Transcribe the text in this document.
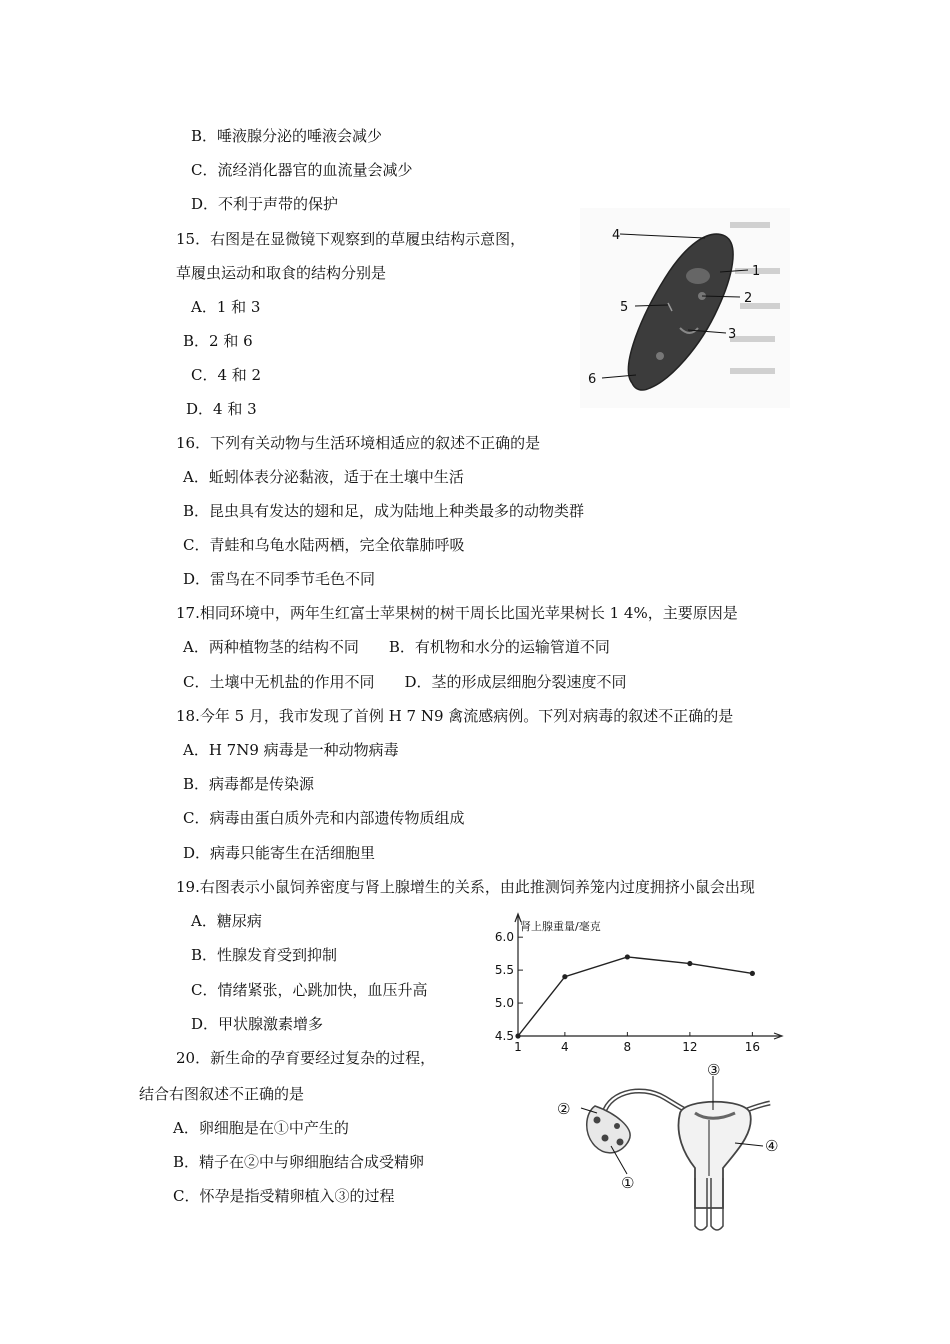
B．唾液腺分泌的唾液会减少
C．流经消化器官的血流量会减少
D．不利于声带的保护
15．右图是在显微镜下观察到的草履虫结构示意图，
草履虫运动和取食的结构分别是
A．1 和 3
B．2 和 6
C．4 和 2
D．4 和 3
4
1
2
3
5
6
16．下列有关动物与生活环境相适应的叙述不正确的是
A．蚯蚓体表分泌黏液，适于在土壤中生活
B．昆虫具有发达的翅和足，成为陆地上种类最多的动物类群
C．青蛙和乌龟水陆两栖，完全依靠肺呼吸
D．雷鸟在不同季节毛色不同
17.相同环境中，两年生红富士苹果树的树干周长比国光苹果树长 1 4%，主要原因是
A．两种植物茎的结构不同　　B．有机物和水分的运输管道不同
C．土壤中无机盐的作用不同　　D．茎的形成层细胞分裂速度不同
18.今年 5 月，我市发现了首例 H 7 N9 禽流感病例。下列对病毒的叙述不正确的是
A．H 7N9 病毒是一种动物病毒
B．病毒都是传染源
C．病毒由蛋白质外壳和内部遗传物质组成
D．病毒只能寄生在活细胞里
19.右图表示小鼠饲养密度与肾上腺增生的关系，由此推测饲养笼内过度拥挤小鼠会出现
A．糖尿病
B．性腺发育受到抑制
C．情绪紧张，心跳加快，血压升高
D．甲状腺激素增多
肾上腺重量/毫克
4.5
5.0
5.5
6.0
1	4	8	12	16
20．新生命的孕育要经过复杂的过程，
结合右图叙述不正确的是
A．卵细胞是在①中产生的
B．精子在②中与卵细胞结合成受精卵
C．怀孕是指受精卵植入③的过程
①
②
③
④
